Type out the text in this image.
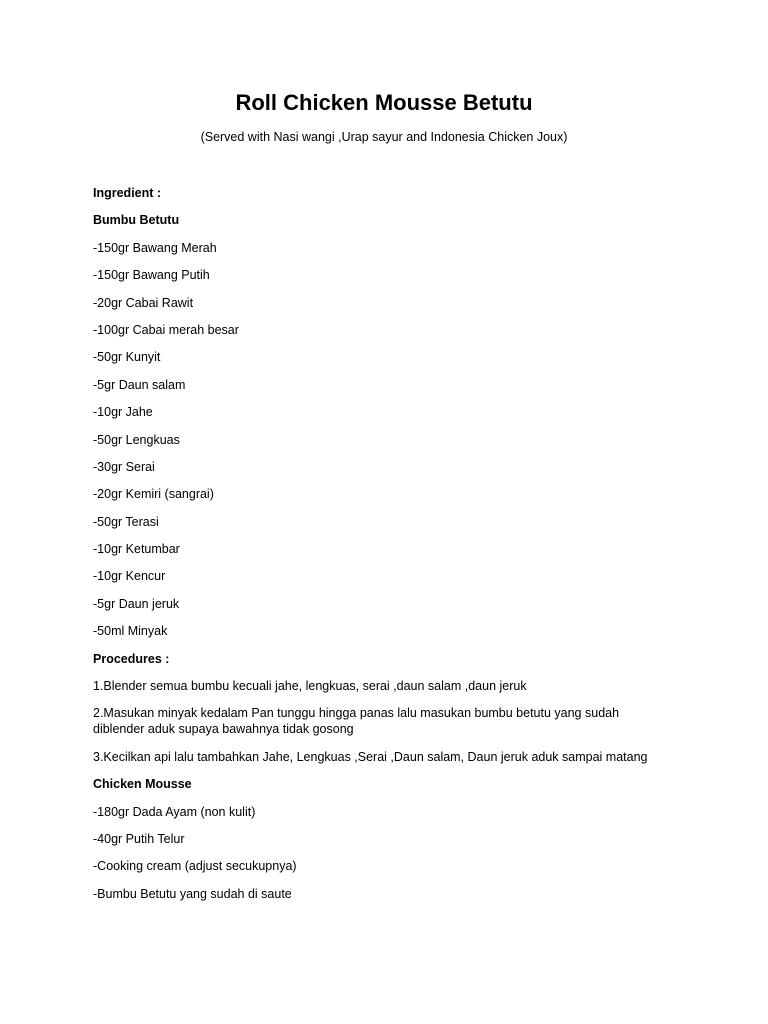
Roll Chicken Mousse Betutu
(Served with Nasi wangi ,Urap sayur and Indonesia Chicken Joux)
Ingredient :
Bumbu Betutu
-150gr Bawang Merah
-150gr Bawang Putih
-20gr Cabai Rawit
-100gr Cabai merah besar
-50gr Kunyit
-5gr Daun salam
-10gr Jahe
-50gr Lengkuas
-30gr Serai
-20gr Kemiri (sangrai)
-50gr Terasi
-10gr Ketumbar
-10gr Kencur
-5gr Daun jeruk
-50ml Minyak
Procedures :
1.Blender semua bumbu kecuali jahe, lengkuas, serai ,daun salam ,daun jeruk
2.Masukan minyak kedalam Pan tunggu hingga panas lalu masukan bumbu betutu yang sudah diblender aduk supaya bawahnya tidak gosong
3.Kecilkan api lalu tambahkan Jahe, Lengkuas ,Serai ,Daun salam, Daun jeruk aduk sampai matang
Chicken Mousse
-180gr Dada Ayam (non kulit)
-40gr Putih Telur
-Cooking cream (adjust secukupnya)
-Bumbu Betutu yang sudah di saute
